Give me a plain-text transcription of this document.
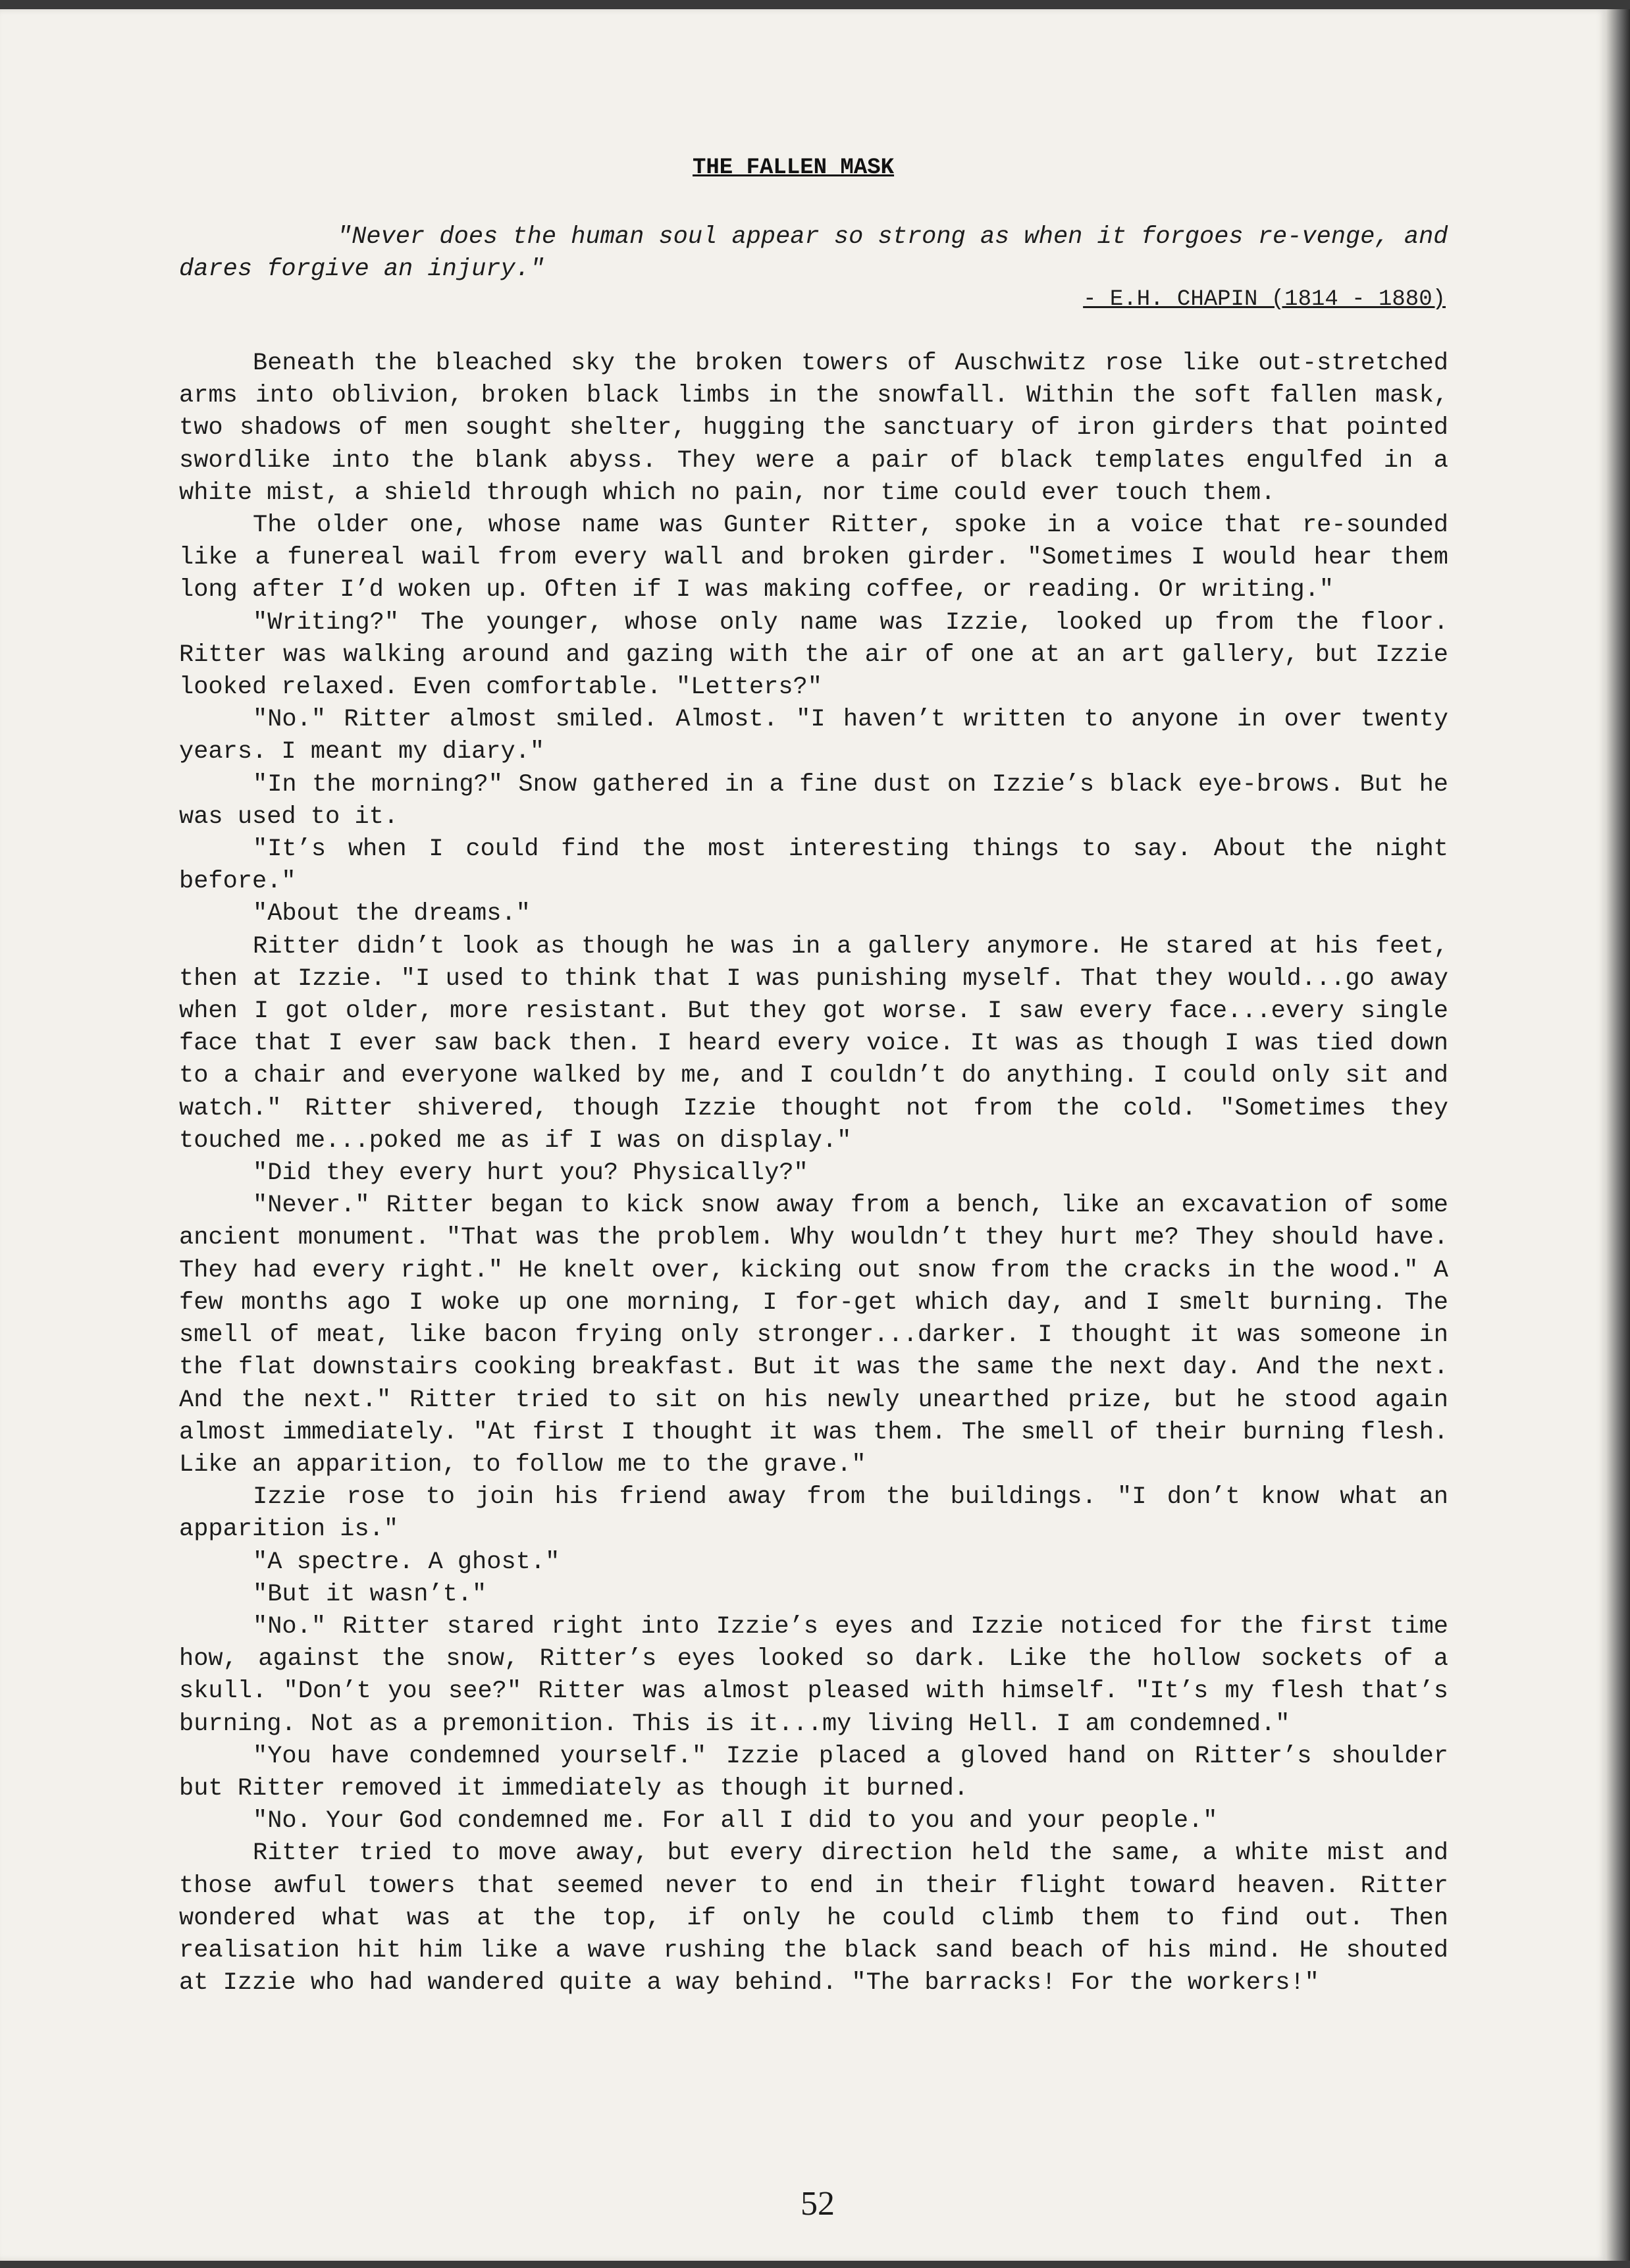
THE FALLEN MASK
"Never does the human soul appear so strong as when it forgoes re-venge, and dares forgive an injury."
- E.H. CHAPIN (1814 - 1880)

Beneath the bleached sky the broken towers of Auschwitz rose like out-stretched arms into oblivion, broken black limbs in the snowfall. Within the soft fallen mask, two shadows of men sought shelter, hugging the sanctuary of iron girders that pointed swordlike into the blank abyss. They were a pair of black templates engulfed in a white mist, a shield through which no pain, nor time could ever touch them.

The older one, whose name was Gunter Ritter, spoke in a voice that re-sounded like a funereal wail from every wall and broken girder. "Sometimes I would hear them long after I’d woken up. Often if I was making coffee, or reading. Or writing."

"Writing?" The younger, whose only name was Izzie, looked up from the floor. Ritter was walking around and gazing with the air of one at an art gallery, but Izzie looked relaxed. Even comfortable. "Letters?"

"No." Ritter almost smiled. Almost. "I haven’t written to anyone in over twenty years. I meant my diary."

"In the morning?" Snow gathered in a fine dust on Izzie’s black eye-brows. But he was used to it.

"It’s when I could find the most interesting things to say. About the night before."

"About the dreams."

Ritter didn’t look as though he was in a gallery anymore. He stared at his feet, then at Izzie. "I used to think that I was punishing myself. That they would...go away when I got older, more resistant. But they got worse. I saw every face...every single face that I ever saw back then. I heard every voice. It was as though I was tied down to a chair and everyone walked by me, and I couldn’t do anything. I could only sit and watch." Ritter shivered, though Izzie thought not from the cold. "Sometimes they touched me...poked me as if I was on display."

"Did they every hurt you? Physically?"

"Never." Ritter began to kick snow away from a bench, like an excavation of some ancient monument. "That was the problem. Why wouldn’t they hurt me? They should have. They had every right." He knelt over, kicking out snow from the cracks in the wood." A few months ago I woke up one morning, I for-get which day, and I smelt burning. The smell of meat, like bacon frying only stronger...darker. I thought it was someone in the flat downstairs cooking breakfast. But it was the same the next day. And the next. And the next." Ritter tried to sit on his newly unearthed prize, but he stood again almost immediately. "At first I thought it was them. The smell of their burning flesh. Like an apparition, to follow me to the grave."

Izzie rose to join his friend away from the buildings. "I don’t know what an apparition is."

"A spectre. A ghost."

"But it wasn’t."

"No." Ritter stared right into Izzie’s eyes and Izzie noticed for the first time how, against the snow, Ritter’s eyes looked so dark. Like the hollow sockets of a skull. "Don’t you see?" Ritter was almost pleased with himself. "It’s my flesh that’s burning. Not as a premonition. This is it...my living Hell. I am condemned."

"You have condemned yourself." Izzie placed a gloved hand on Ritter’s shoulder but Ritter removed it immediately as though it burned.

"No. Your God condemned me. For all I did to you and your people."

Ritter tried to move away, but every direction held the same, a white mist and those awful towers that seemed never to end in their flight toward heaven. Ritter wondered what was at the top, if only he could climb them to find out. Then realisation hit him like a wave rushing the black sand beach of his mind. He shouted at Izzie who had wandered quite a way behind. "The barracks! For the workers!"

52
